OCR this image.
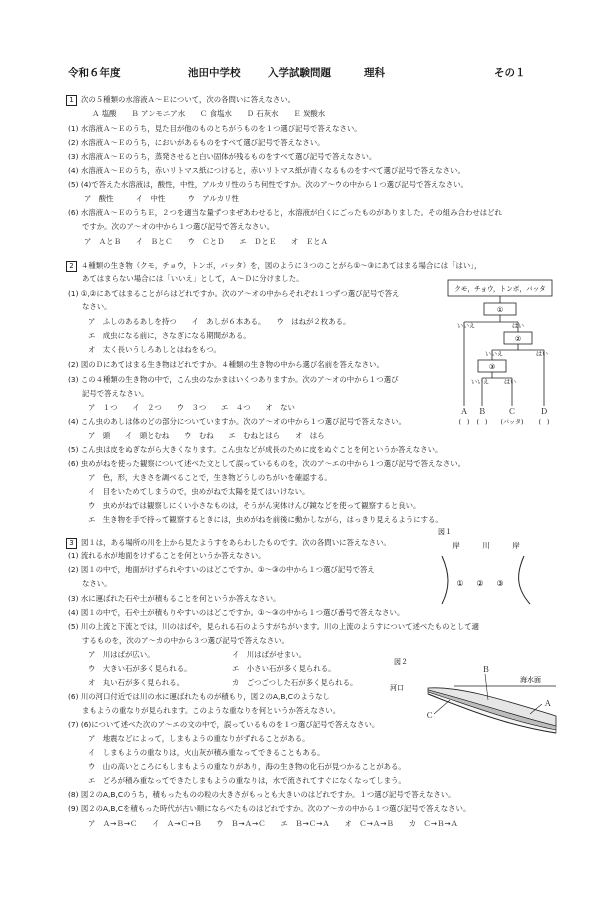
令和６年度	池田中学校	入学試験問題	理科	その１
1 次の５種類の水溶液Ａ〜Ｅについて，次の各問いに答えなさい。
Ａ 塩酸　　Ｂ アンモニア水　　Ｃ 食塩水　　Ｄ 石灰水　　Ｅ 炭酸水
(1) 水溶液Ａ〜Ｅのうち，見た目が他のものとちがうものを１つ選び記号で答えなさい。
(2) 水溶液Ａ〜Ｅのうち，においがあるものをすべて選び記号で答えなさい。
(3) 水溶液Ａ〜Ｅのうち，蒸発させると白い固体が残るものをすべて選び記号で答えなさい。
(4) 水溶液Ａ〜Ｅのうち，赤いリトマス紙につけると，赤いリトマス紙が青くなるものをすべて選び記号で答えなさい。
(5) (4)で答えた水溶液は，酸性，中性，アルカリ性のうち何性ですか。次のア〜ウの中から１つ選び記号で答えなさい。
ア　酸性　　　イ　中性　　　ウ　アルカリ性
(6) 水溶液Ａ〜ＥのうちＥ，２つを適当な量ずつまぜあわせると，水溶液が白くにごったものがありました。その組み合わせはどれ
ですか。次のア〜オの中から１つ選び記号で答えなさい。
ア　ＡとＢ　　イ　ＢとＣ　　ウ　ＣとＤ　　エ　ＤとＥ　　オ　ＥとＡ
2 ４種類の生き物（クモ，チョウ，トンボ，バッタ）を，図のように３つのことがら①〜③にあてはまる場合には「はい」，
あてはまらない場合には「いいえ」として，Ａ〜Ｄに分けました。
(1) ①,②にあてはまることがらはどれですか。次のア〜オの中からそれぞれ１つずつ選び記号で答え
なさい。
ア　ふしのあるあしを持つ　　イ　あしが６本ある。　　ウ　はねが２枚ある。
エ　成虫になる前に，さなぎになる期間がある。
オ　太く長いうしろあしとはねをもつ。
(2) 図のＤにあてはまる生き物はどれですか。４種類の生き物の中から選び名前を答えなさい。
(3) この４種類の生き物の中で，こん虫のなかまはいくつありますか。次のア〜オの中から１つ選び
記号で答えなさい。
ア　１つ　　イ　２つ　　ウ　３つ　　エ　４つ　　オ　ない
(4) こん虫のあしは体のどの部分についていますか。次のア〜オの中から１つ選び記号で答えなさい。
ア　頭　　イ　頭とむね　　ウ　むね　　エ　むねとはら　　オ　はら
(5) こん虫は皮をぬぎながら大きくなります。こん虫などが成長のために皮をぬぐことを何というか答えなさい。
(6) 虫めがねを使った観察について述べた文として誤っているものを，次のア〜エの中から１つ選び記号で答えなさい。
ア　色，形，大きさを調べることで，生き物どうしのちがいを確認する。
イ　目をいためてしまうので，虫めがねで太陽を見てはいけない。
ウ　虫めがねでは観察しにくい小さなものは，そうがん実体けんび鏡などを使って観察すると良い。
エ　生き物を手で持って観察するときには，虫めがねを前後に動かしながら，はっきり見えるようにする。
クモ，チョウ，トンボ，バッタ
①
いいえ	はい
②
いいえ	はい
③
いいえ はい
Ａ Ｂ	Ｃ	Ｄ
(　) (　) (バッタ)	(　)
3 図１は，ある場所の川を上から見たようすをあらわしたものです。次の各問いに答えなさい。
(1) 流れる水が地面をけずることを何というか答えなさい。
(2) 図１の中で，地面がけずられやすいのはどこですか。①〜③の中から１つ選び記号で答え
なさい。
(3) 水に運ばれた石や土が積もることを何というか答えなさい。
(4) 図１の中で，石や土が積もりやすいのはどこですか。①〜③の中から１つ選び番号で答えなさい。
(5) 川の上流と下流とでは，川のはばや，見られる石のようすがちがいます。川の上流のようすについて述べたものとして適
するものを，次のア〜カの中から３つ選び記号で答えなさい。
ア　川はばが広い。	イ　川はばがせまい。
ウ　大きい石が多く見られる。	エ　小さい石が多く見られる。
オ　丸い石が多く見られる。	カ　ごつごつした石が多く見られる。
(6) 川の河口付近では川の水に運ばれたものが積もり，図２のA,B,Cのようなし
まもようの重なりが見られます。このような重なりを何というか答えなさい。
(7) (6)について述べた次のア〜エの文の中で，誤っているものを１つ選び記号で答えなさい。
ア　地震などによって，しまもようの重なりがずれることがある。
イ　しまもようの重なりは，火山灰が積み重なってできることもある。
ウ　山の高いところにもしまもようの重なりがあり，海の生き物の化石が見つかることがある。
エ　どろが積み重なってできたしまもようの重なりは，水で流されてすぐになくなってしまう。
(8) 図２のA,B,Cのうち，積もったものの粒の大きさがもっとも大きいのはどれですか。１つ選び記号で答えなさい。
(9) 図２のA,B,Cを積もった時代が古い順にならべたものはどれですか。次のア〜カの中から１つ選び記号で答えなさい。
ア　Ａ→Ｂ→Ｃ　　イ　Ａ→Ｃ→Ｂ　　ウ　Ｂ→Ａ→Ｃ　　エ　Ｂ→Ｃ→Ａ　　オ　Ｃ→Ａ→Ｂ　　カ　Ｃ→Ｂ→Ａ
図１
岸	川	岸
① ② ③
図２
河口
海水面
Ａ
Ｂ
Ｃ
